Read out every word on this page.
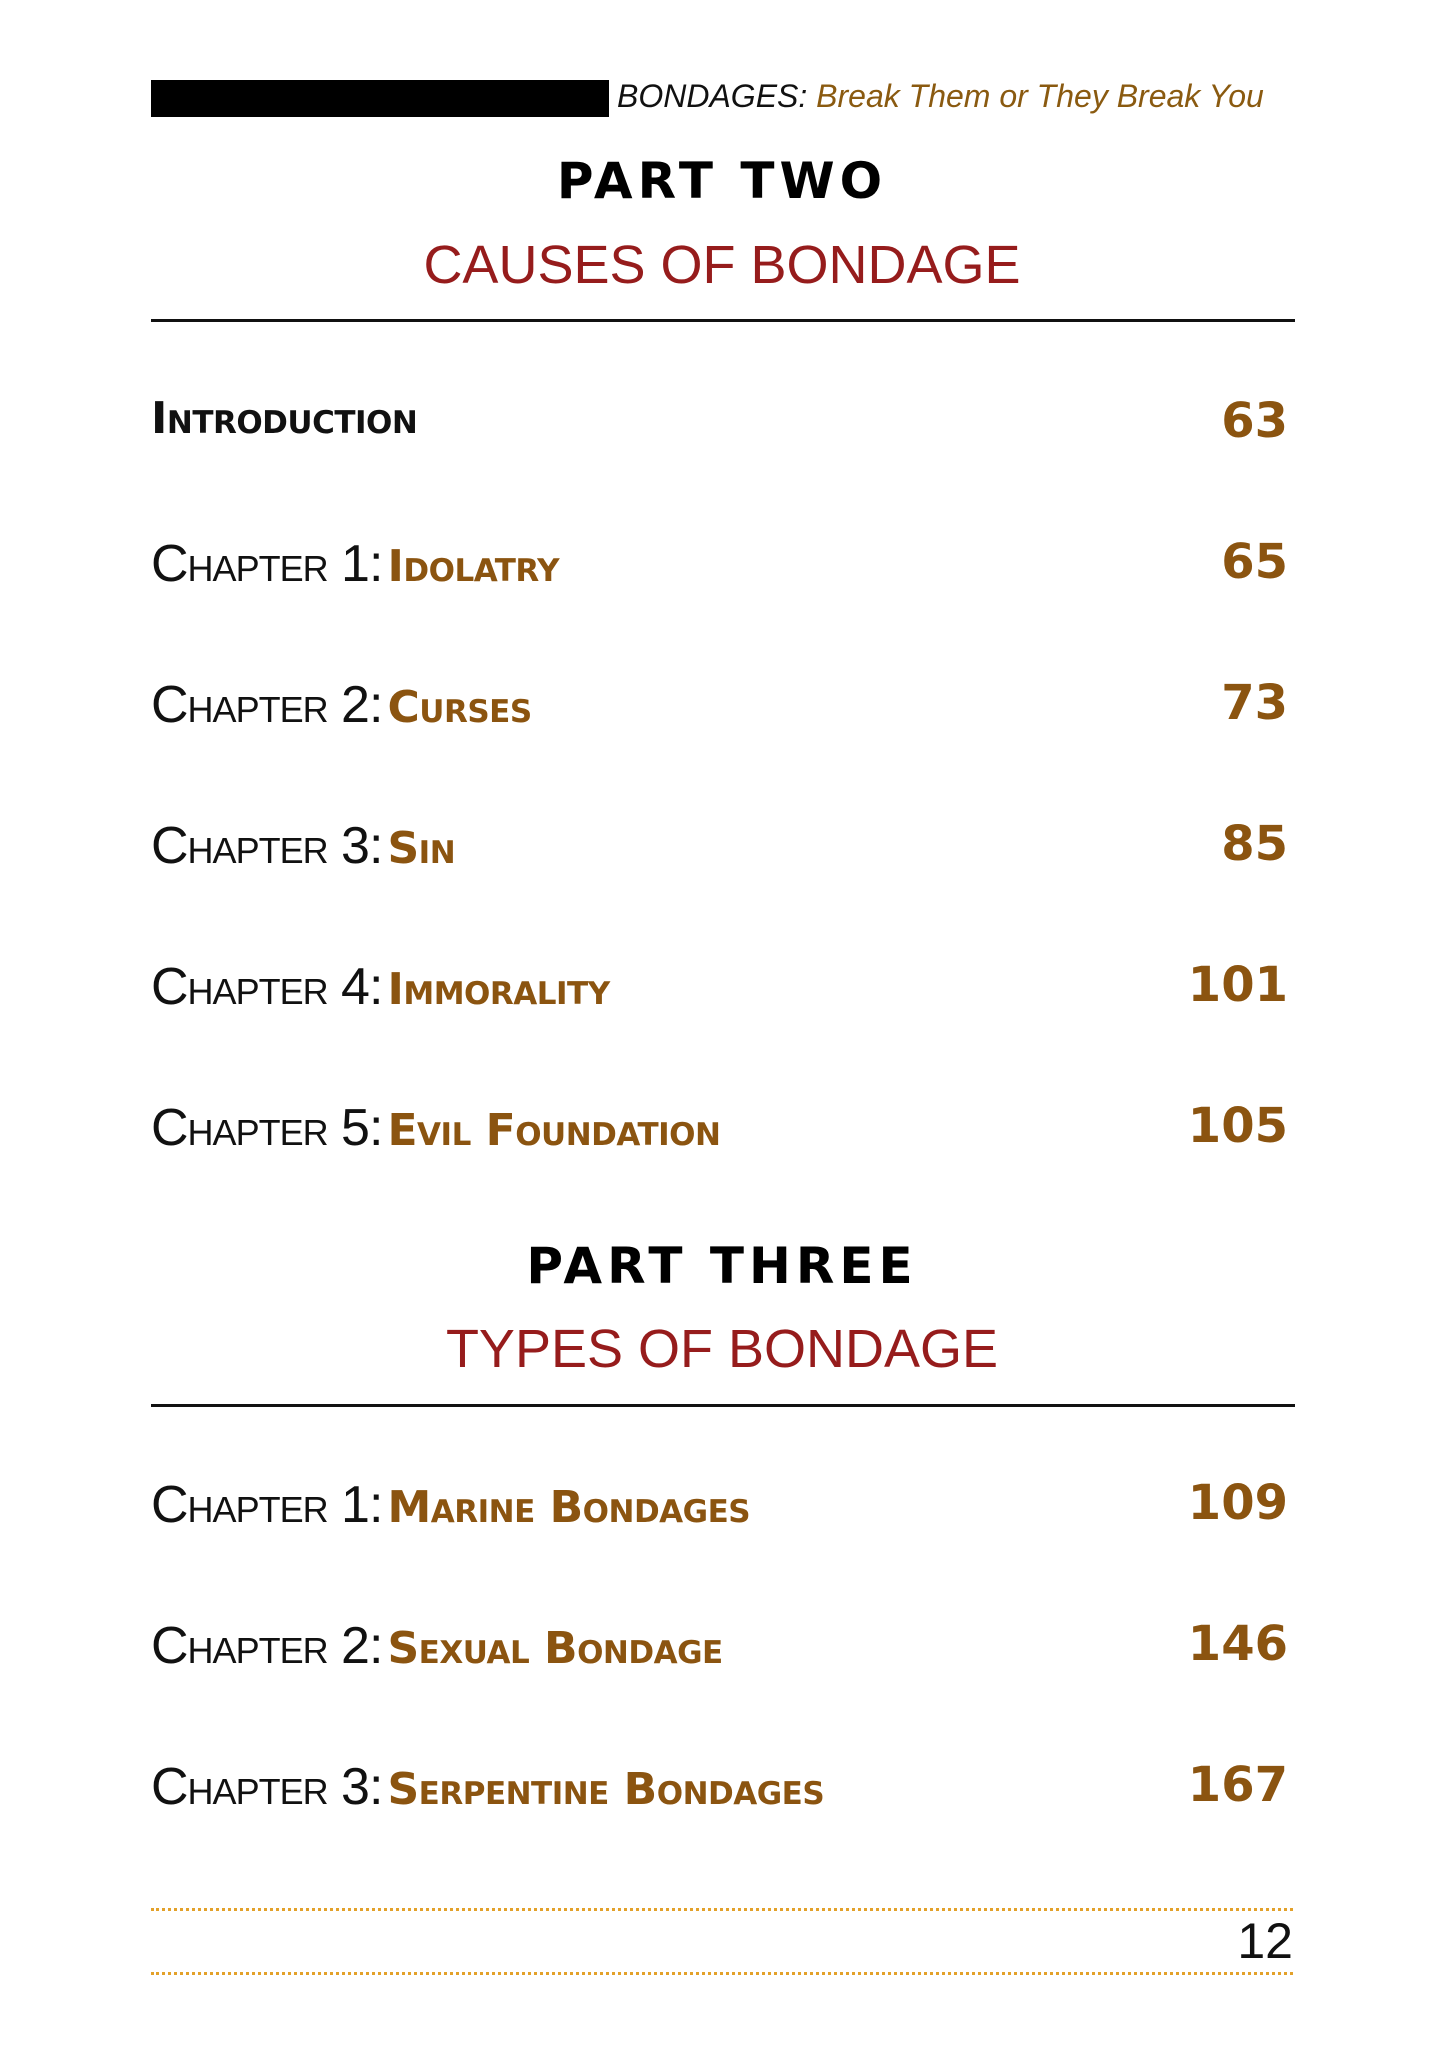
BONDAGES: Break Them or They Break You
PART TWO
CAUSES OF BONDAGE
Introduction	63
Chapter 1: Idolatry	65
Chapter 2: Curses	73
Chapter 3: Sin	85
Chapter 4: Immorality	101
Chapter 5: Evil Foundation	105
PART THREE
TYPES OF BONDAGE
Chapter 1: Marine Bondages	109
Chapter 2: Sexual Bondage	146
Chapter 3: Serpentine Bondages	167
12
